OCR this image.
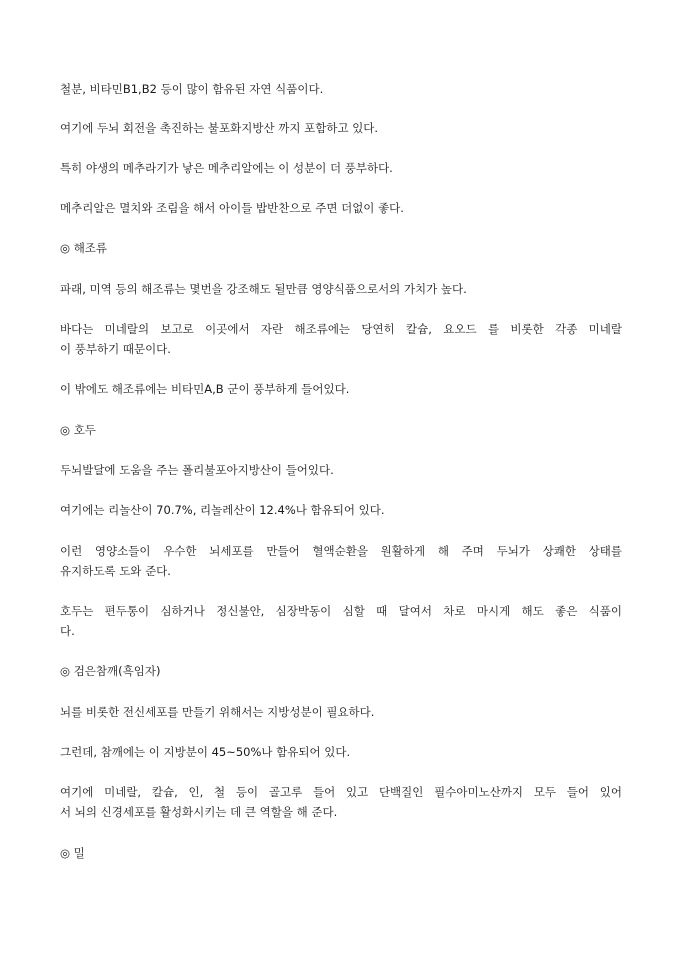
철분, 비타민B1,B2 등이 많이 함유된 자연 식품이다.
여기에 두뇌 회전을 촉진하는 불포화지방산 까지 포함하고 있다.
특히 야생의 메추라기가 낳은 메추리알에는 이 성분이 더 풍부하다.
메추리알은 멸치와 조림을 해서 아이들 밥반찬으로 주면 더없이 좋다.
◎ 해조류
파래, 미역 등의 해조류는 몇번을 강조해도 될만큼 영양식품으로서의 가치가 높다.
바다는 미네랄의 보고로 이곳에서 자란 해조류에는 당연히 칼슘, 요오드 를 비롯한 각종 미네랄
이 풍부하기 때문이다.
이 밖에도 해조류에는 비타민A,B 군이 풍부하게 들어있다.
◎ 호두
두뇌발달에 도움을 주는 폴리불포아지방산이 들어있다.
여기에는 리놀산이 70.7%, 리놀레산이 12.4%나 함유되어 있다.
이런 영양소들이 우수한 뇌세포를 만들어 혈액순환을 원활하게 해 주며 두뇌가 상쾌한 상태를
유지하도록 도와 준다.
호두는 편두통이 심하거나 정신불안, 심장박동이 심할 때 달여서 차로 마시게 해도 좋은 식품이
다.
◎ 검은참깨(흑임자)
뇌를 비롯한 전신세포를 만들기 위해서는 지방성분이 필요하다.
그런데, 참깨에는 이 지방분이 45~50%나 함유되어 있다.
여기에 미네랄, 칼슘, 인, 철 등이 골고루 들어 있고 단백질인 필수아미노산까지 모두 들어 있어
서 뇌의 신경세포를 활성화시키는 데 큰 역할을 해 준다.
◎ 밀
